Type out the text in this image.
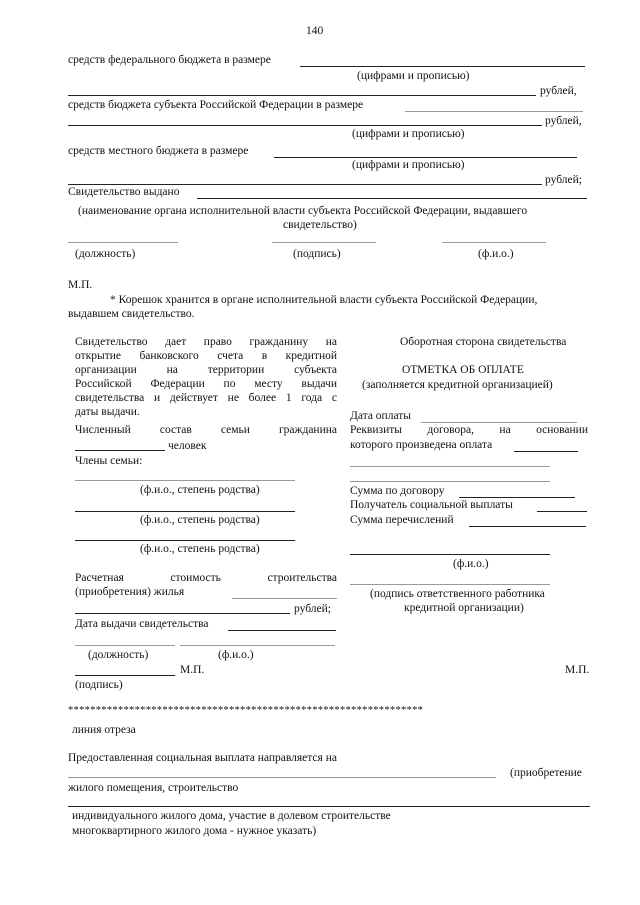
140
средств федерального бюджета в размере
(цифрами и прописью)
рублей,
средств бюджета субъекта Российской Федерации в размере
рублей,
(цифрами и прописью)
средств местного бюджета в размере
(цифрами и прописью)
рублей;
Свидетельство выдано
(наименование органа исполнительной власти субъекта Российской Федерации, выдавшего
свидетельство)
(должность)	(подпись)	(ф.и.о.)
М.П.
* Корешок хранится в органе исполнительной власти субъекта Российской Федерации,
выдавшем свидетельство.
Свидетельство дает право гражданину на
открытие банковского счета в кредитной
организации на территории субъекта
Российской Федерации по месту выдачи
свидетельства и действует не более 1 года с
даты выдачи.
Численный состав семьи гражданина
человек
Члены семьи:
(ф.и.о., степень родства)
(ф.и.о., степень родства)
(ф.и.о., степень родства)
Расчетная стоимость строительства
(приобретения) жилья
рублей;
Дата выдачи свидетельства
(должность)	(ф.и.о.)
М.П.
(подпись)
Оборотная сторона свидетельства
ОТМЕТКА ОБ ОПЛАТЕ
(заполняется кредитной организацией)
Дата оплаты
Реквизиты договора, на основании
которого произведена оплата
Сумма по договору
Получатель социальной выплаты
Сумма перечислений
(ф.и.о.)
(подпись ответственного работника
кредитной организации)
М.П.
****************************************************************
линия отреза
Предоставленная социальная выплата направляется на
(приобретение
жилого помещения, строительство
индивидуального жилого дома, участие в долевом строительстве
многоквартирного жилого дома - нужное указать)
